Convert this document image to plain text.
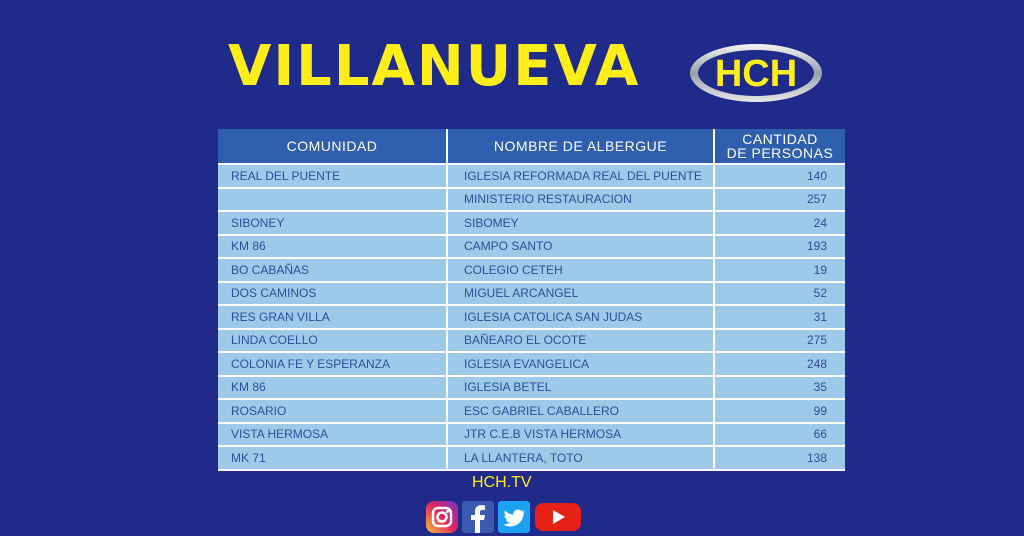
VILLANUEVA HCH
COMUNIDAD	NOMBRE DE ALBERGUE	CANTIDAD
DE PERSONAS
REAL DEL PUENTE	IGLESIA REFORMADA REAL DEL PUENTE	140
	MINISTERIO RESTAURACION	257
SIBONEY	SIBOMEY	24
KM 86	CAMPO SANTO	193
BO CABAÑAS	COLEGIO CETEH	19
DOS CAMINOS	MIGUEL ARCANGEL	52
RES GRAN VILLA	IGLESIA CATOLICA SAN JUDAS	31
LINDA COELLO	BAÑEARO EL OCOTE	275
COLONIA FE Y ESPERANZA	IGLESIA EVANGELICA	248
KM 86	IGLESIA BETEL	35
ROSARIO	ESC GABRIEL CABALLERO	99
VISTA HERMOSA	JTR C.E.B VISTA HERMOSA	66
MK 71	LA LLANTERA, TOTO	138
HCH.TV
